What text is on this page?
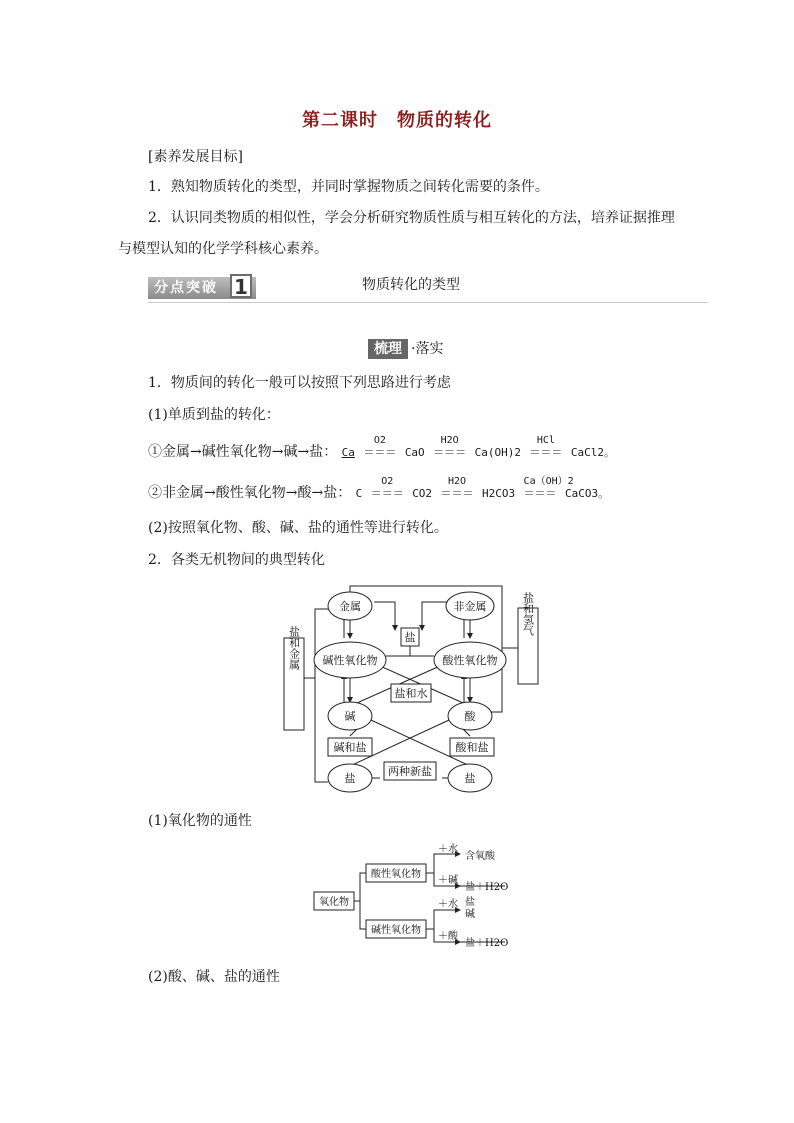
第二课时　物质的转化
[素养发展目标]
1．熟知物质转化的类型，并同时掌握物质之间转化需要的条件。
2．认识同类物质的相似性，学会分析研究物质性质与相互转化的方法，培养证据推理
与模型认知的化学学科核心素养。
分点突破 1	物质转化的类型
梳理 ·落实
1．物质间的转化一般可以按照下列思路进行考虑
(1)单质到盐的转化：
①金属→碱性氧化物→碱→盐： Ca
O2
＝＝＝ CaO
H2O
＝＝＝ Ca(OH)2
HCl
＝＝＝ CaCl2。
②非金属→酸性氧化物→酸→盐： C
O2
＝＝＝ CO2
H2O
＝＝＝ H2CO3
Ca（OH）2
＝＝＝ CaCO3。
(2)按照氧化物、酸、碱、盐的通性等进行转化。
2．各类无机物间的典型转化
金属	非金属
盐
碱性氧化物	酸性氧化物
盐和水
碱	酸
碱和盐	酸和盐
两种新盐
盐	盐
盐和氢气
盐和金属
(1)氧化物的通性
氧化物
酸性氧化物
碱性氧化物
＋水
含氧酸
＋碱
盐＋H2O
＋水 盐
碱
＋酸
盐＋H2O
(2)酸、碱、盐的通性
